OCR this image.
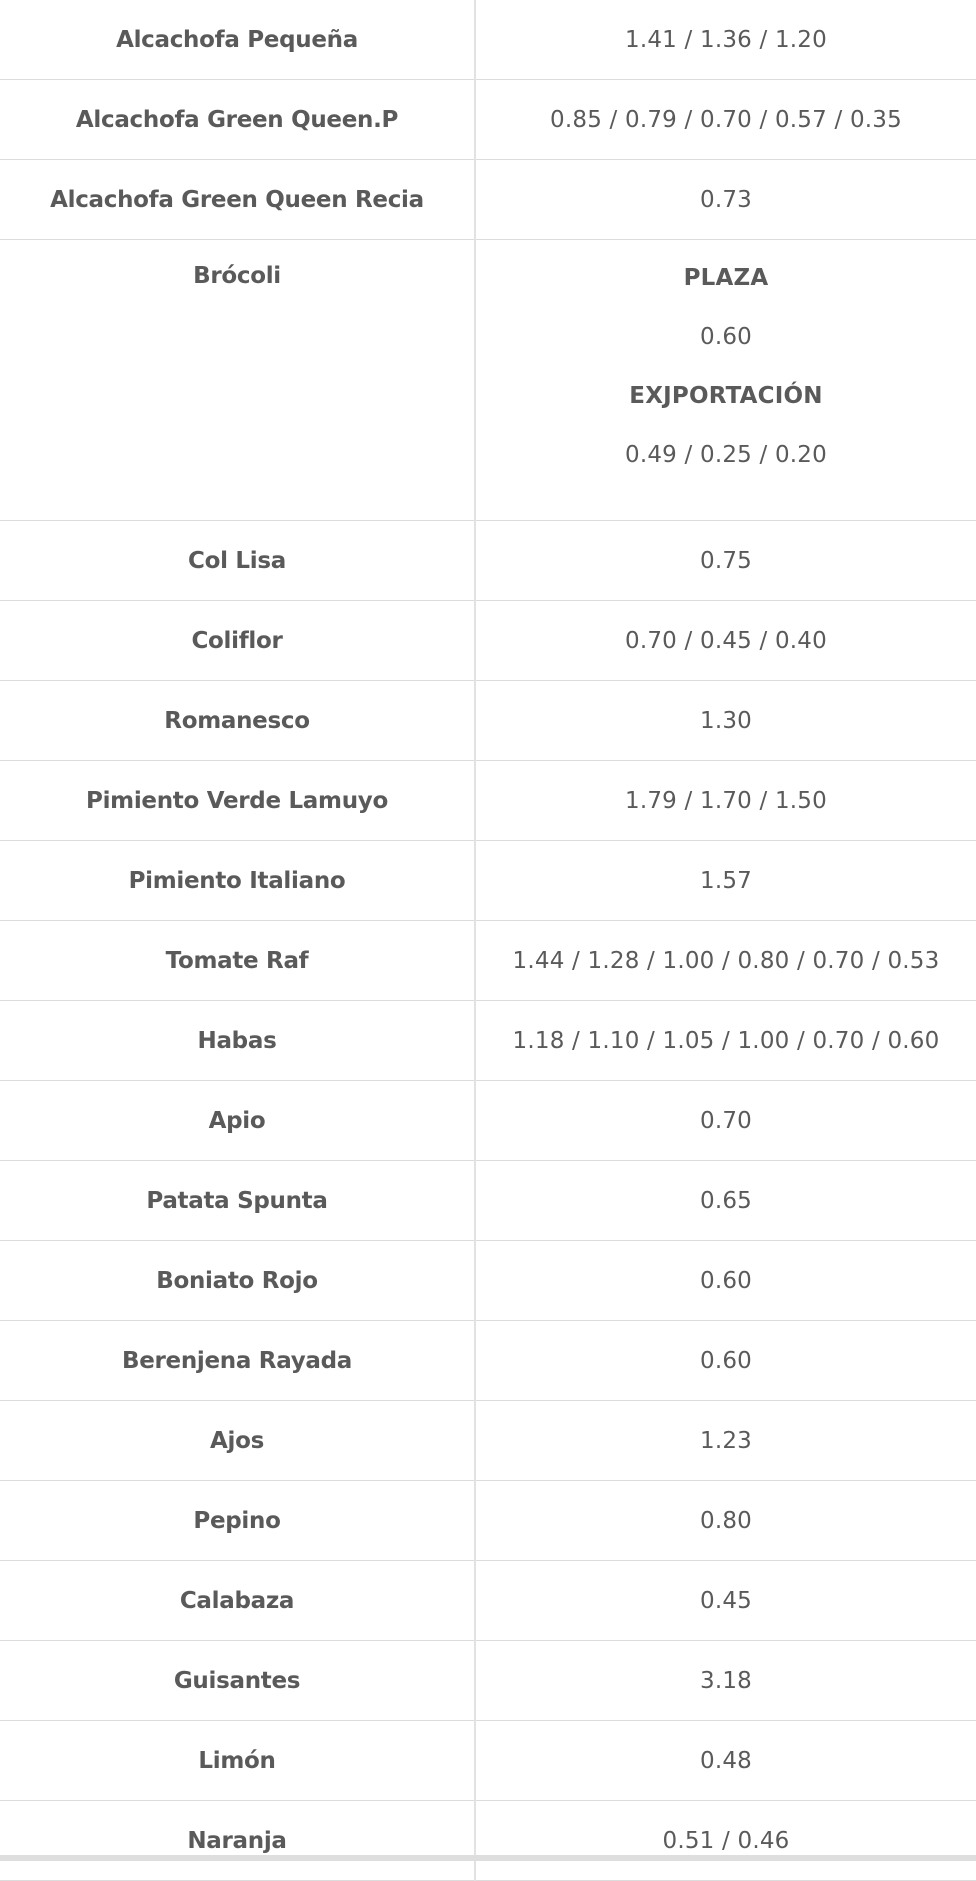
Alcachofa Pequeña	1.41 / 1.36 / 1.20
Alcachofa Green Queen.P	0.85 / 0.79 / 0.70 / 0.57 / 0.35
Alcachofa Green Queen Recia	0.73
Brócoli	PLAZA
0.60
EXJPORTACIÓN
0.49 / 0.25 / 0.20

Col Lisa	0.75
Coliflor	0.70 / 0.45 / 0.40
Romanesco	1.30
Pimiento Verde Lamuyo	1.79 / 1.70 / 1.50
Pimiento Italiano	1.57
Tomate Raf	1.44 / 1.28 / 1.00 / 0.80 / 0.70 / 0.53
Habas	1.18 / 1.10 / 1.05 / 1.00 / 0.70 / 0.60
Apio	0.70
Patata Spunta	0.65
Boniato Rojo	0.60
Berenjena Rayada	0.60
Ajos	1.23
Pepino	0.80
Calabaza	0.45
Guisantes	3.18
Limón	0.48
Naranja	0.51 / 0.46
